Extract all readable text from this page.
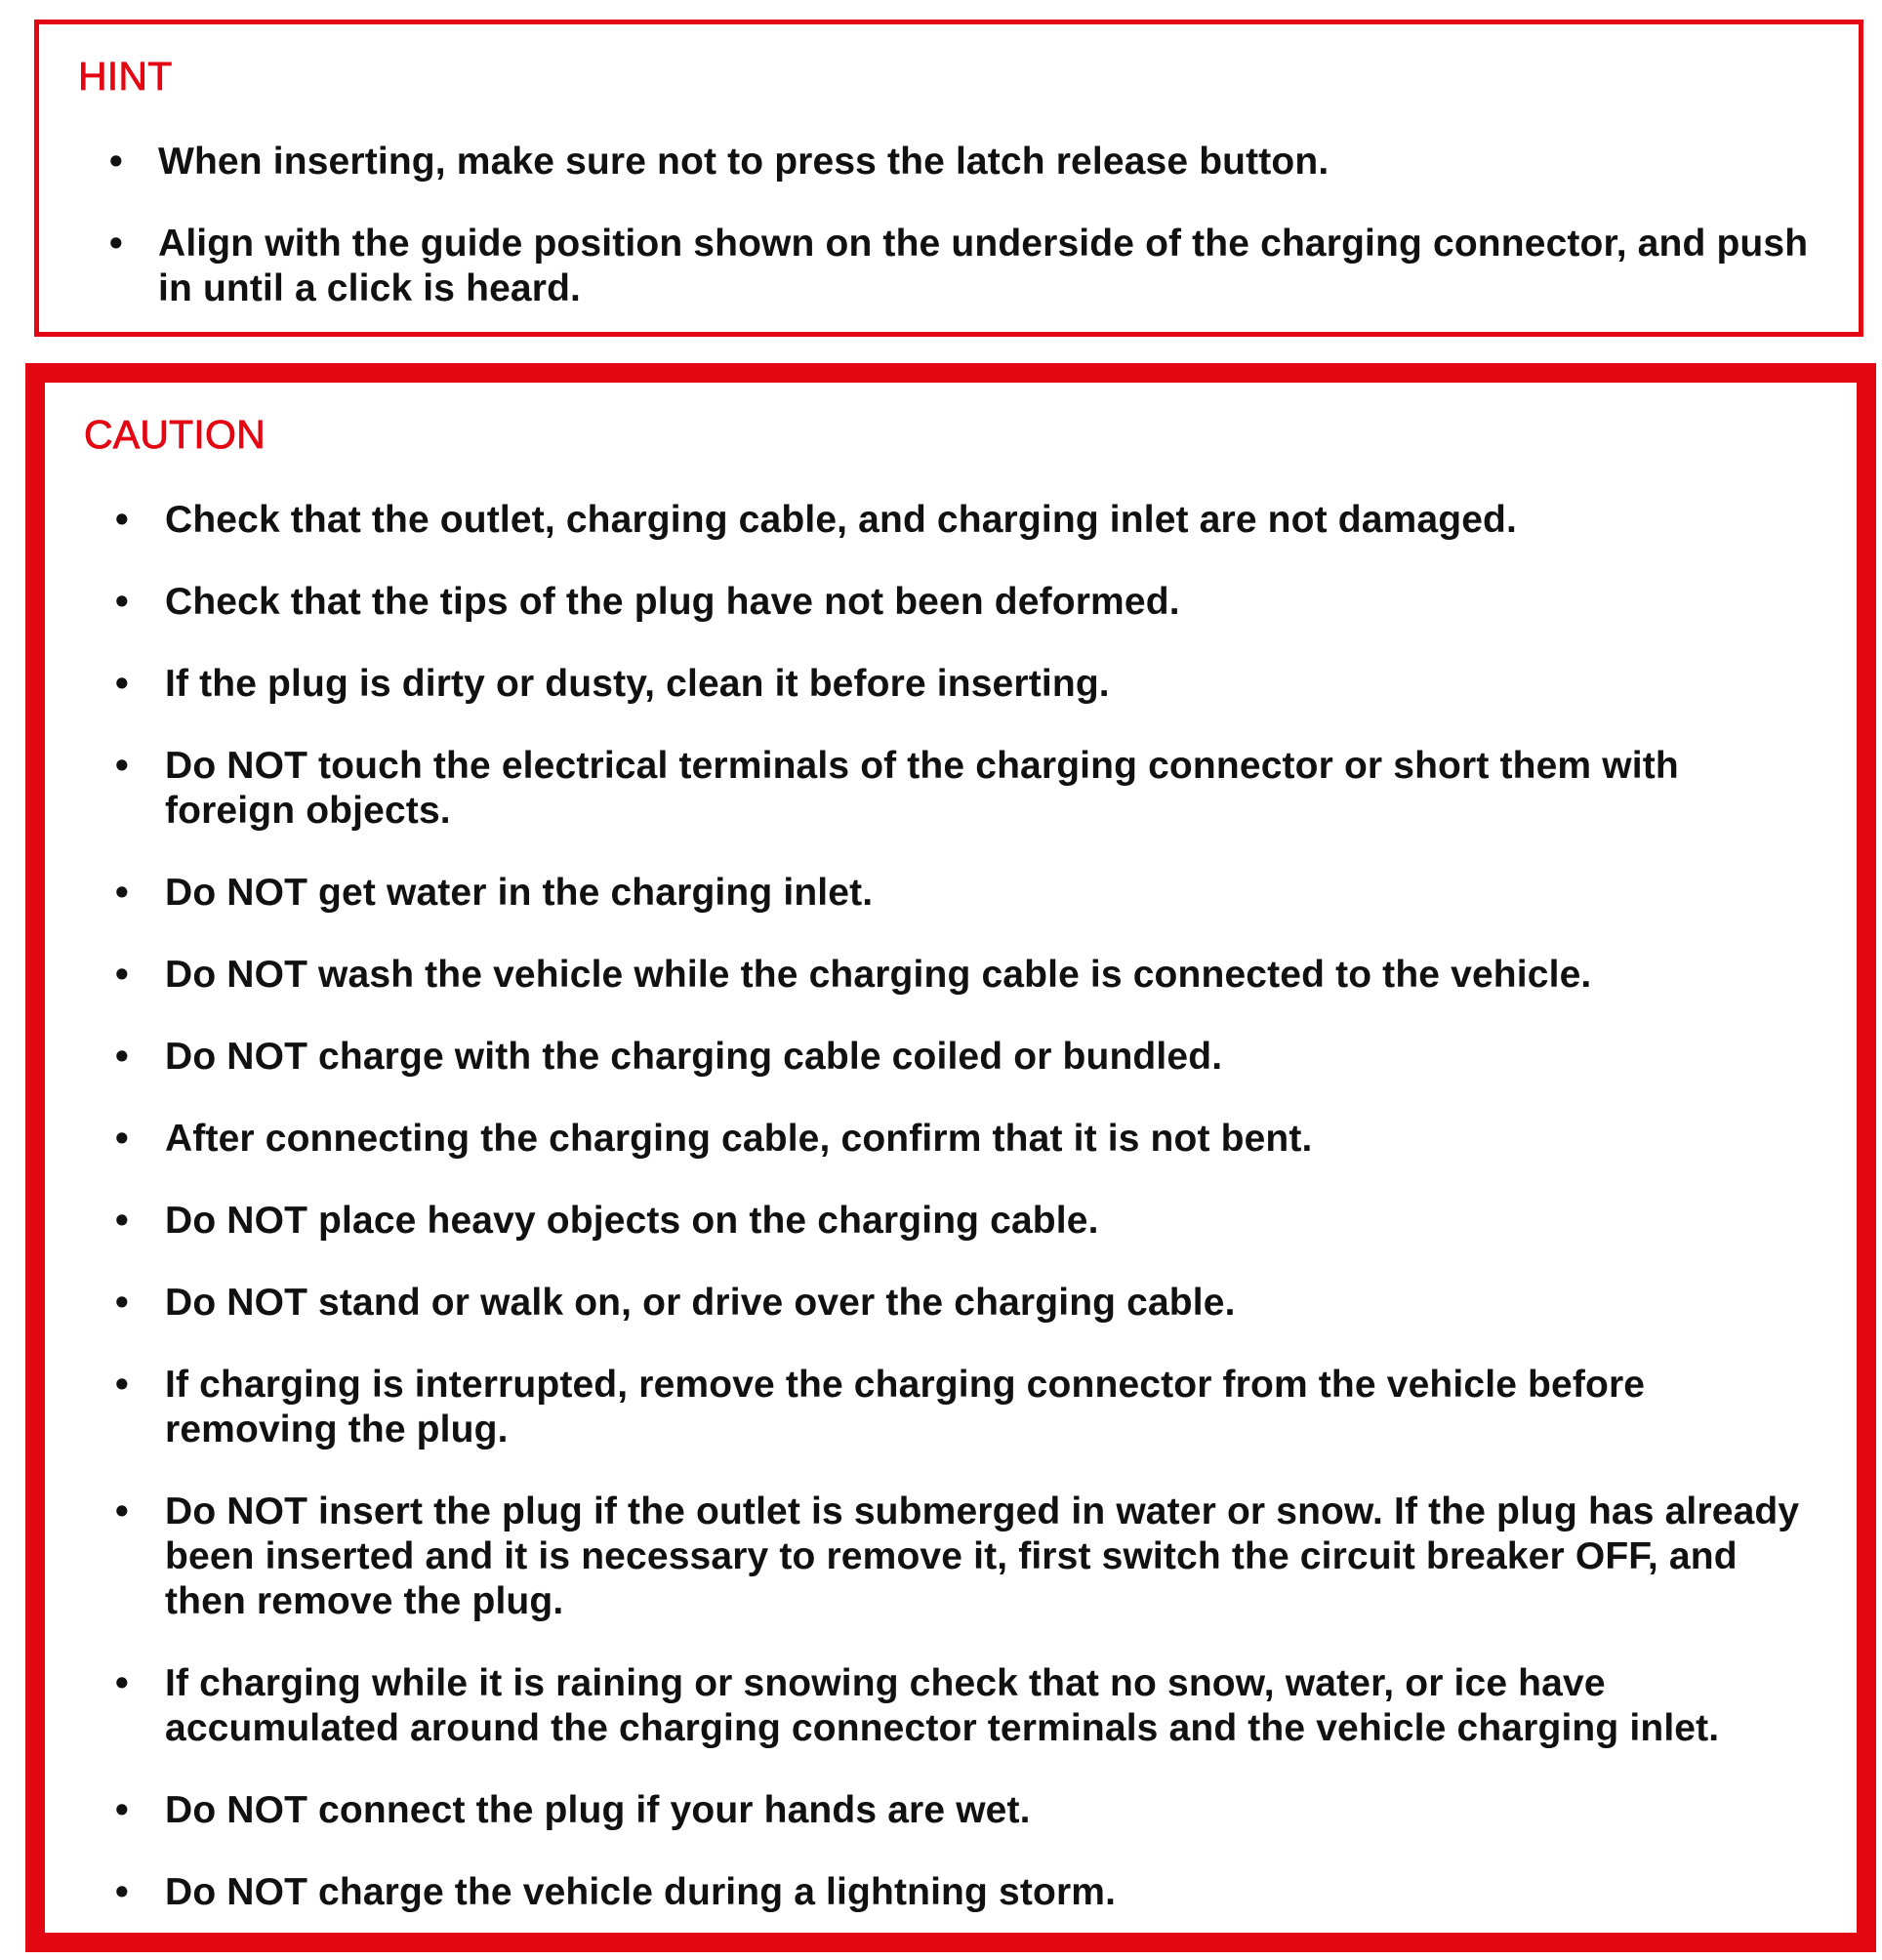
HINT
• When inserting, make sure not to press the latch release button.
• Align with the guide position shown on the underside of the charging connector, and push in until a click is heard.
CAUTION
• Check that the outlet, charging cable, and charging inlet are not damaged.
• Check that the tips of the plug have not been deformed.
• If the plug is dirty or dusty, clean it before inserting.
• Do NOT touch the electrical terminals of the charging connector or short them with foreign objects.
• Do NOT get water in the charging inlet.
• Do NOT wash the vehicle while the charging cable is connected to the vehicle.
• Do NOT charge with the charging cable coiled or bundled.
• After connecting the charging cable, confirm that it is not bent.
• Do NOT place heavy objects on the charging cable.
• Do NOT stand or walk on, or drive over the charging cable.
• If charging is interrupted, remove the charging connector from the vehicle before removing the plug.
• Do NOT insert the plug if the outlet is submerged in water or snow. If the plug has already been inserted and it is necessary to remove it, first switch the circuit breaker OFF, and then remove the plug.
• If charging while it is raining or snowing check that no snow, water, or ice have accumulated around the charging connector terminals and the vehicle charging inlet.
• Do NOT connect the plug if your hands are wet.
• Do NOT charge the vehicle during a lightning storm.
